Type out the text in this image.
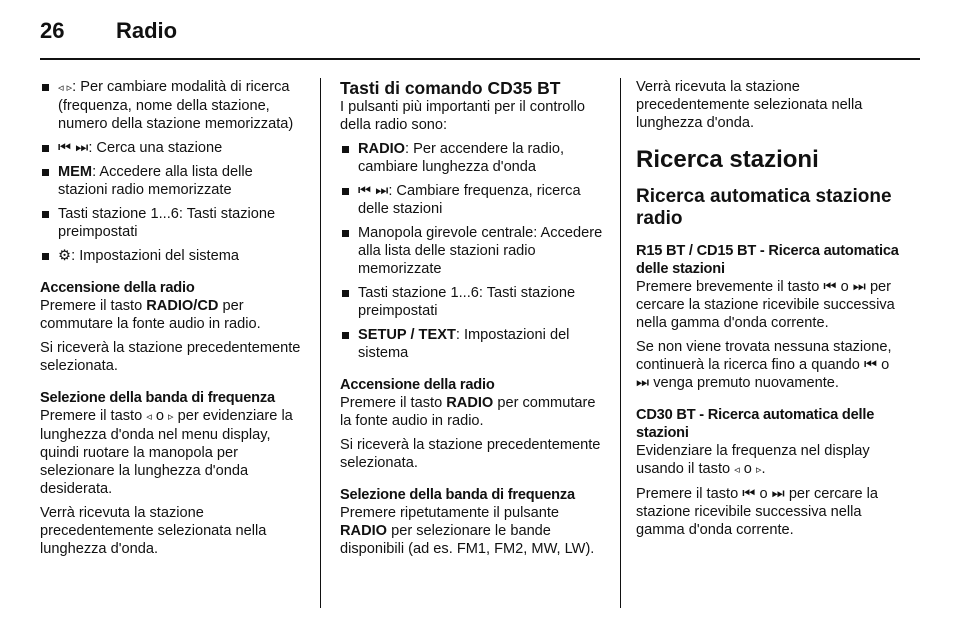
26 Radio
◃ ▹: Per cambiare modalità di ricerca (frequenza, nome della stazione, numero della stazione memorizzata)
⏮ ⏭: Cerca una stazione
MEM: Accedere alla lista delle stazioni radio memorizzate
Tasti stazione 1...6: Tasti stazione preimpostati
⚙: Impostazioni del sistema
Accensione della radio
Premere il tasto RADIO/CD per commutare la fonte audio in radio.
Si riceverà la stazione precedentemente selezionata.
Selezione della banda di frequenza
Premere il tasto ◃ o ▹ per evidenziare la lunghezza d'onda nel menu display, quindi ruotare la manopola per selezionare la lunghezza d'onda desiderata.
Verrà ricevuta la stazione precedentemente selezionata nella lunghezza d'onda.
Tasti di comando CD35 BT
I pulsanti più importanti per il controllo della radio sono:
RADIO: Per accendere la radio, cambiare lunghezza d'onda
⏮ ⏭: Cambiare frequenza, ricerca delle stazioni
Manopola girevole centrale: Accedere alla lista delle stazioni radio memorizzate
Tasti stazione 1...6: Tasti stazione preimpostati
SETUP / TEXT: Impostazioni del sistema
Accensione della radio
Premere il tasto RADIO per commutare la fonte audio in radio.
Si riceverà la stazione precedentemente selezionata.
Selezione della banda di frequenza
Premere ripetutamente il pulsante RADIO per selezionare le bande disponibili (ad es. FM1, FM2, MW, LW).
Verrà ricevuta la stazione precedentemente selezionata nella lunghezza d'onda.
Ricerca stazioni
Ricerca automatica stazione radio
R15 BT / CD15 BT - Ricerca automatica delle stazioni
Premere brevemente il tasto ⏮ o ⏭ per cercare la stazione ricevibile successiva nella gamma d'onda corrente.
Se non viene trovata nessuna stazione, continuerà la ricerca fino a quando ⏮ o ⏭ venga premuto nuovamente.
CD30 BT - Ricerca automatica delle stazioni
Evidenziare la frequenza nel display usando il tasto ◃ o ▹.
Premere il tasto ⏮ o ⏭ per cercare la stazione ricevibile successiva nella gamma d'onda corrente.
